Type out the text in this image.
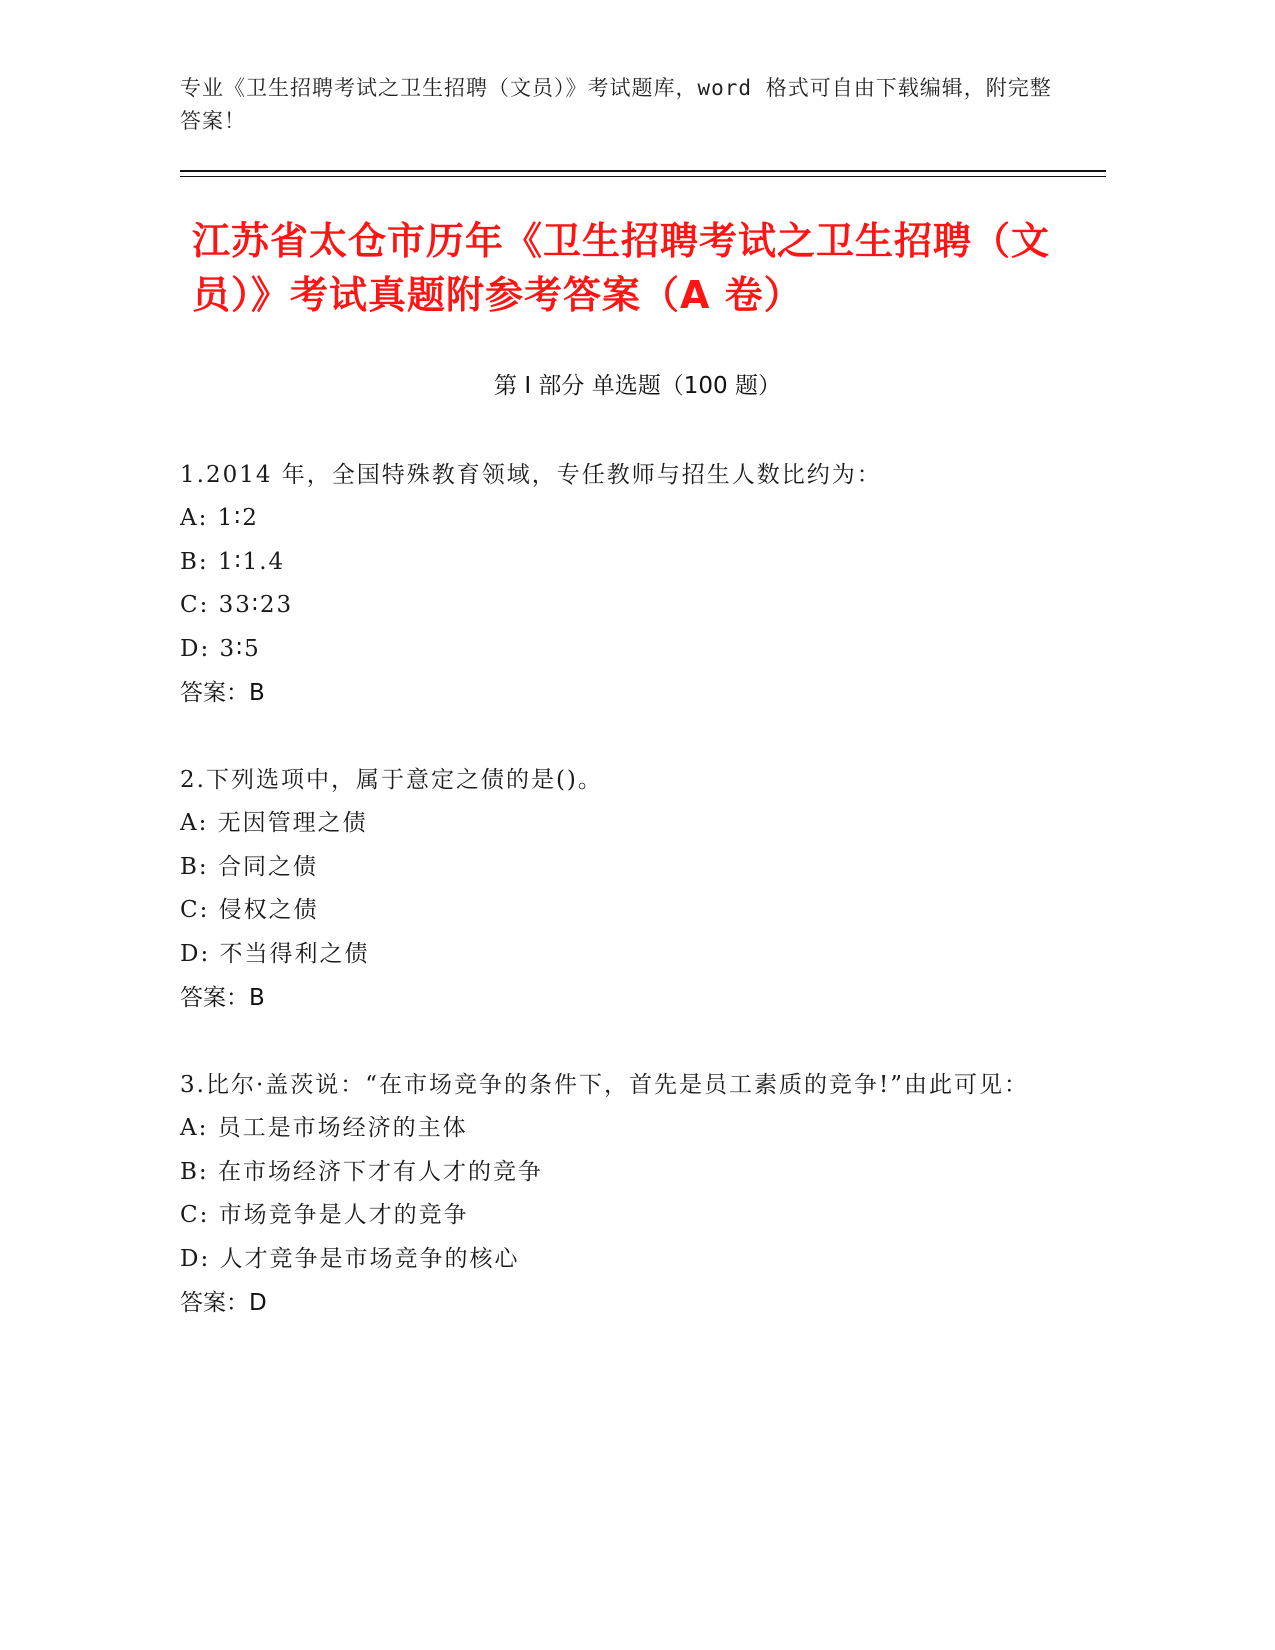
专业《卫生招聘考试之卫生招聘（文员）》考试题库，word 格式可自由下载编辑，附完整答案！
江苏省太仓市历年《卫生招聘考试之卫生招聘（文员）》考试真题附参考答案（A 卷）
第 I 部分 单选题（100 题）
1.2014 年，全国特殊教育领域，专任教师与招生人数比约为：
A: 1∶2
B: 1∶1.4
C: 33∶23
D: 3∶5
答案：B
2.下列选项中，属于意定之债的是()。
A: 无因管理之债
B: 合同之债
C: 侵权之债
D: 不当得利之债
答案：B
3.比尔·盖茨说：“在市场竞争的条件下，首先是员工素质的竞争!”由此可见：
A: 员工是市场经济的主体
B: 在市场经济下才有人才的竞争
C: 市场竞争是人才的竞争
D: 人才竞争是市场竞争的核心
答案：D
